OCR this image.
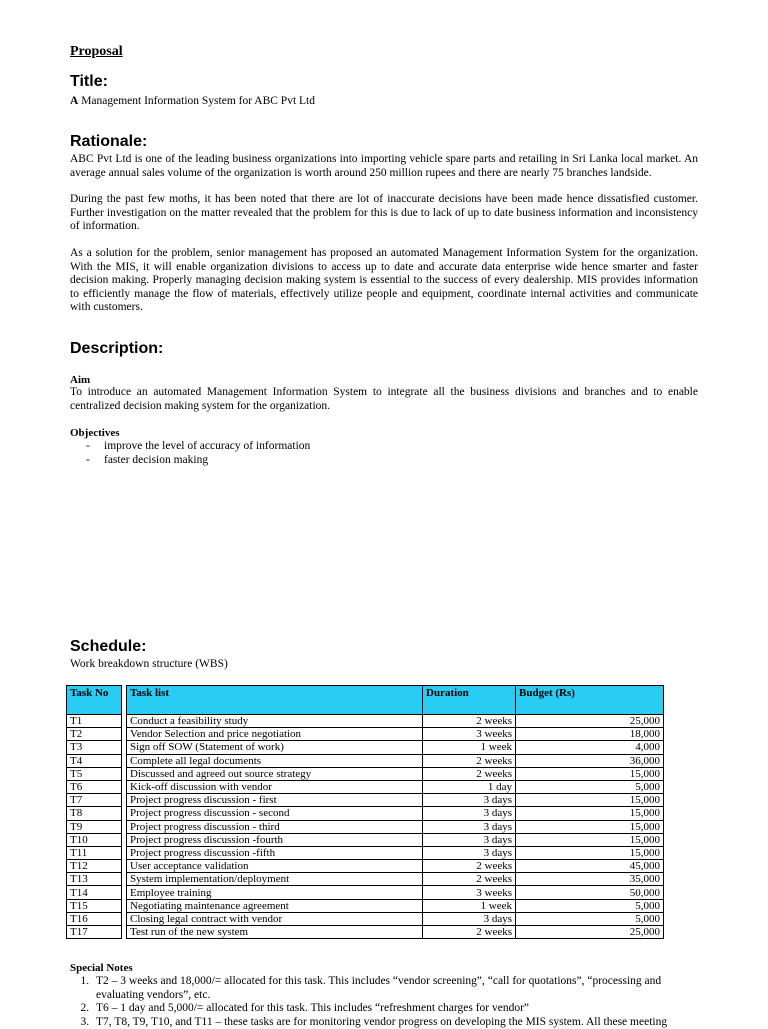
Proposal
Title:
A Management Information System for ABC Pvt Ltd
Rationale:
ABC Pvt Ltd is one of the leading business organizations into importing vehicle spare parts and retailing in Sri Lanka local market. An average annual sales volume of the organization is worth around 250 million rupees and there are nearly 75 branches landside.
During the past few moths, it has been noted that there are lot of inaccurate decisions have been made hence dissatisfied customer. Further investigation on the matter revealed that the problem for this is due to lack of up to date business information and inconsistency of information.
As a solution for the problem, senior management has proposed an automated Management Information System for the organization. With the MIS, it will enable organization divisions to access up to date and accurate data enterprise wide hence smarter and faster decision making. Properly managing decision making system is essential to the success of every dealership. MIS provides information to efficiently manage the flow of materials, effectively utilize people and equipment, coordinate internal activities and communicate with customers.
Description:
Aim
To introduce an automated Management Information System to integrate all the business divisions and branches and to enable centralized decision making system for the organization.
Objectives
- improve the level of accuracy of information
- faster decision making
Schedule:
Work breakdown structure (WBS)
Task No		Task list	Duration	Budget (Rs)
T1		Conduct a feasibility study	2 weeks	25,000
T2		Vendor Selection and price negotiation	3 weeks	18,000
T3		Sign off SOW (Statement of work)	1 week	4,000
T4		Complete all legal documents	2 weeks	36,000
T5		Discussed and agreed out source strategy	2 weeks	15,000
T6		Kick-off discussion with vendor	1 day	5,000
T7		Project progress discussion - first	3 days	15,000
T8		Project progress discussion - second	3 days	15,000
T9		Project progress discussion - third	3 days	15,000
T10		Project progress discussion -fourth	3 days	15,000
T11		Project progress discussion -fifth	3 days	15,000
T12		User acceptance validation	2 weeks	45,000
T13		System implementation/deployment	2 weeks	35,000
T14		Employee training	3 weeks	50,000
T15		Negotiating maintenance agreement	1 week	5,000
T16		Closing legal contract with vendor	3 days	5,000
T17		Test run of the new system	2 weeks	25,000
Special Notes
1. T2 – 3 weeks and 18,000/= allocated for this task. This includes “vendor screening”, “call for quotations”, “processing and evaluating vendors”, etc.
2. T6 – 1 day and 5,000/= allocated for this task. This includes “refreshment charges for vendor”
3. T7, T8, T9, T10, and T11 – these tasks are for monitoring vendor progress on developing the MIS system. All these meeting
